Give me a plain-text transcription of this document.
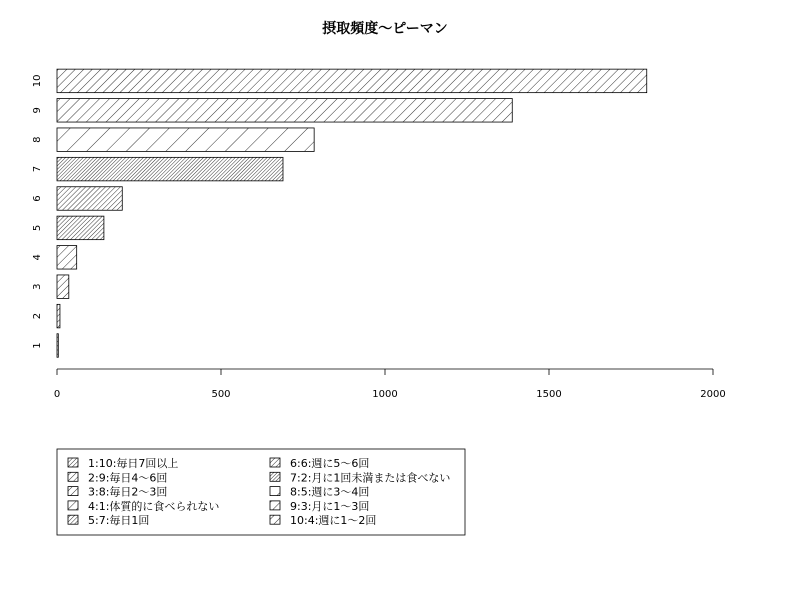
摂取頻度〜ピーマン
1
2
3
4
5
6
7
8
9
10
0	500	1000	1500	2000
1:10:毎日7回以上
2:9:毎日4〜6回
3:8:毎日2〜3回
4:1:体質的に食べられない
5:7:毎日1回
6:6:週に5〜6回
7:2:月に1回未満または食べない
8:5:週に3〜4回
9:3:月に1〜3回
10:4:週に1〜2回
